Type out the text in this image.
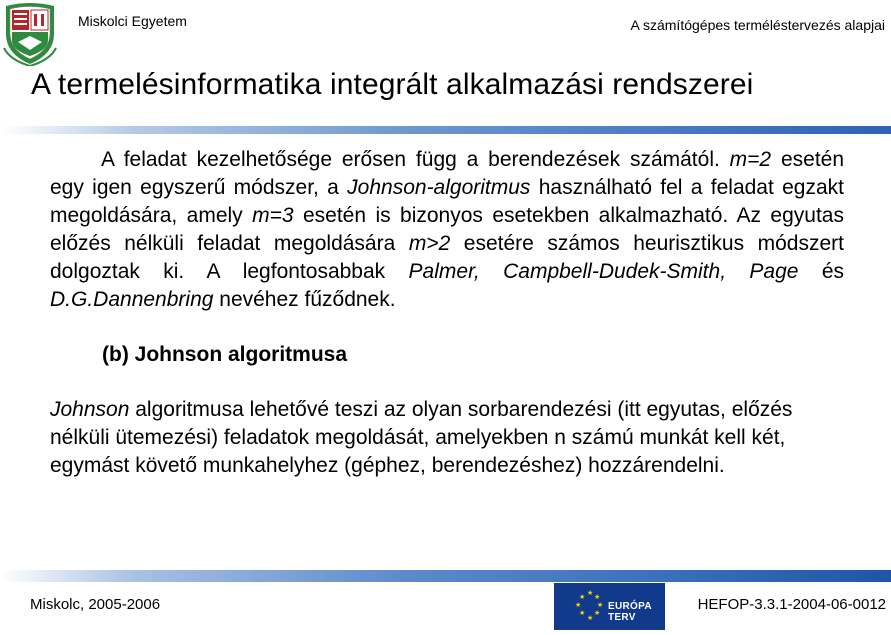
Miskolci Egyetem	A számítógépes terméléstervezés alapjai
A termelésinformatika integrált alkalmazási rendszerei

A feladat kezelhetősége erősen függ a berendezések számától. m=2 esetén egy igen egyszerű módszer, a Johnson-algoritmus használható fel a feladat egzakt megoldására, amely m=3 esetén is bizonyos esetekben alkalmazható. Az egyutas előzés nélküli feladat megoldására m>2 esetére számos heurisztikus módszert dolgoztak ki. A legfontosabbak Palmer, Campbell-Dudek-Smith, Page és D.G.Dannenbring nevéhez fűződnek.

(b) Johnson algoritmusa

Johnson algoritmusa lehetővé teszi az olyan sorbarendezési (itt egyutas, előzés nélküli ütemezési) feladatok megoldását, amelyekben n számú munkát kell két, egymást követő munkahelyhez (géphez, berendezéshez) hozzárendelni.

Miskolc, 2005-2006
★ ★
★
★
★
★
★
★
EURÓPA TERV
HEFOP-3.3.1-2004-06-0012
